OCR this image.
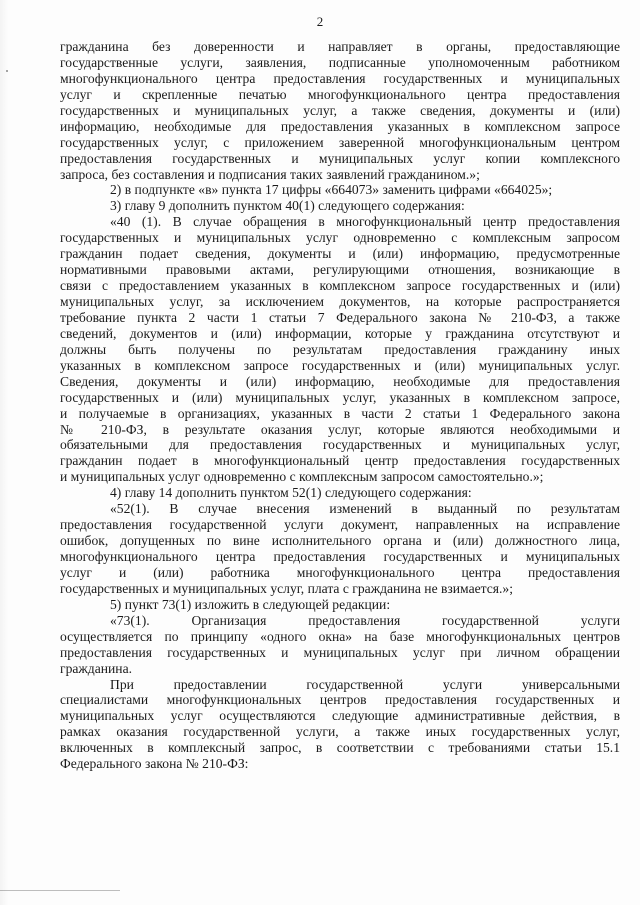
2
гражданина без доверенности и направляет в органы, предоставляющие
государственные услуги, заявления, подписанные уполномоченным работником
многофункционального центра предоставления государственных и муниципальных
услуг и скрепленные печатью многофункционального центра предоставления
государственных и муниципальных услуг, а также сведения, документы и (или)
информацию, необходимые для предоставления указанных в комплексном запросе
государственных услуг, с приложением заверенной многофункциональным центром
предоставления государственных и муниципальных услуг копии комплексного
запроса, без составления и подписания таких заявлений гражданином.»;
2) в подпункте «в» пункта 17 цифры «664073» заменить цифрами «664025»;
3) главу 9 дополнить пунктом 40(1) следующего содержания:
«40 (1). В случае обращения в многофункциональный центр предоставления
государственных и муниципальных услуг одновременно с комплексным запросом
гражданин подает сведения, документы и (или) информацию, предусмотренные
нормативными правовыми актами, регулирующими отношения, возникающие в
связи с предоставлением указанных в комплексном запросе государственных и (или)
муниципальных услуг, за исключением документов, на которые распространяется
требование пункта 2 части 1 статьи 7 Федерального закона № 210-ФЗ, а также
сведений, документов и (или) информации, которые у гражданина отсутствуют и
должны быть получены по результатам предоставления гражданину иных
указанных в комплексном запросе государственных и (или) муниципальных услуг.
Сведения, документы и (или) информацию, необходимые для предоставления
государственных и (или) муниципальных услуг, указанных в комплексном запросе,
и получаемые в организациях, указанных в части 2 статьи 1 Федерального закона
№ 210-ФЗ, в результате оказания услуг, которые являются необходимыми и
обязательными для предоставления государственных и муниципальных услуг,
гражданин подает в многофункциональный центр предоставления государственных
и муниципальных услуг одновременно с комплексным запросом самостоятельно.»;
4) главу 14 дополнить пунктом 52(1) следующего содержания:
«52(1). В случае внесения изменений в выданный по результатам
предоставления государственной услуги документ, направленных на исправление
ошибок, допущенных по вине исполнительного органа и (или) должностного лица,
многофункционального центра предоставления государственных и муниципальных
услуг и (или) работника многофункционального центра предоставления
государственных и муниципальных услуг, плата с гражданина не взимается.»;
5) пункт 73(1) изложить в следующей редакции:
«73(1). Организация предоставления государственной услуги
осуществляется по принципу «одного окна» на базе многофункциональных центров
предоставления государственных и муниципальных услуг при личном обращении
гражданина.
При предоставлении государственной услуги универсальными
специалистами многофункциональных центров предоставления государственных и
муниципальных услуг осуществляются следующие административные действия, в
рамках оказания государственной услуги, а также иных государственных услуг,
включенных в комплексный запрос, в соответствии с требованиями статьи 15.1
Федерального закона № 210-ФЗ:
